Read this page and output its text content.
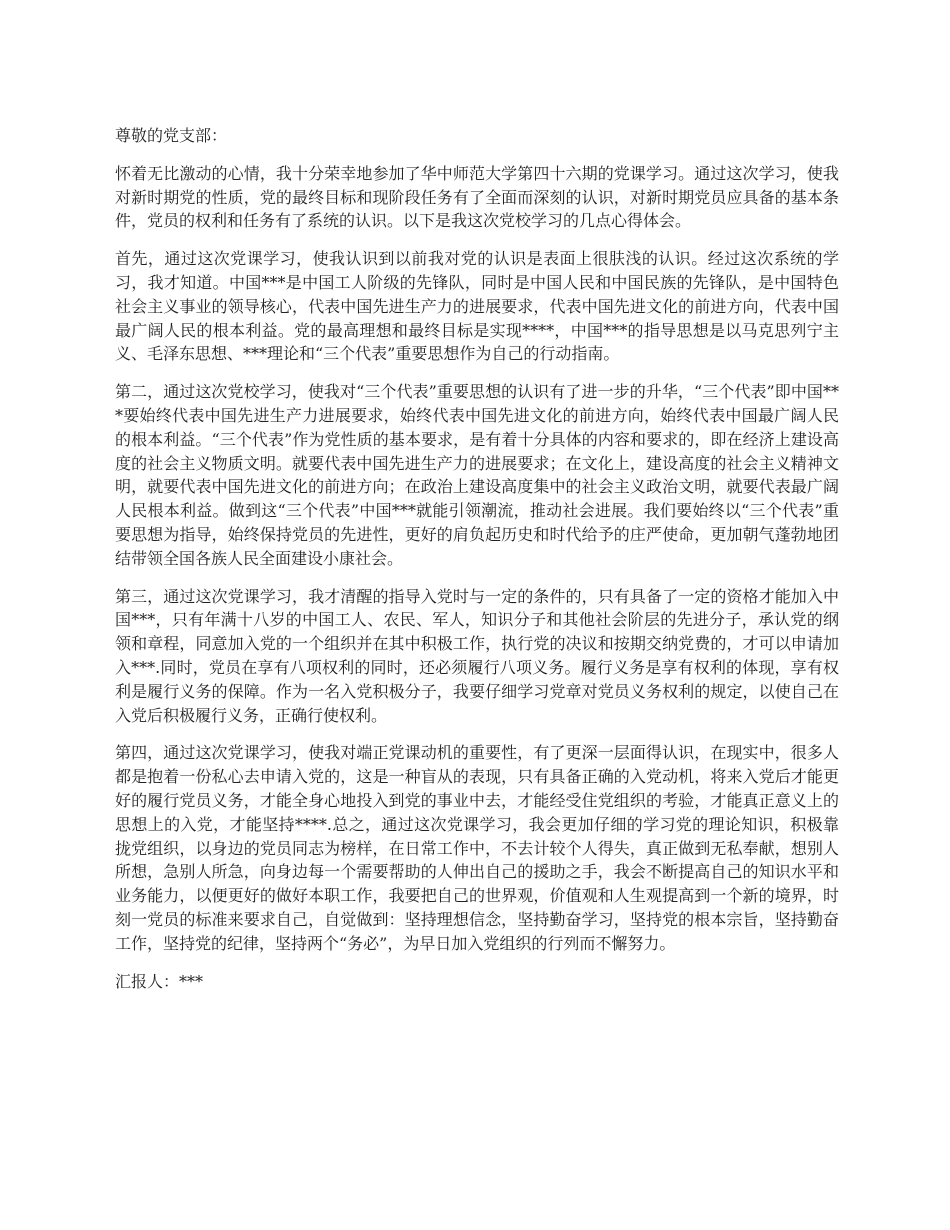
尊敬的党支部：

怀着无比激动的心情，我十分荣幸地参加了华中师范大学第四十六期的党课学习。通过这次学习，使我对新时期党的性质，党的最终目标和现阶段任务有了全面而深刻的认识，对新时期党员应具备的基本条件，党员的权利和任务有了系统的认识。以下是我这次党校学习的几点心得体会。

首先，通过这次党课学习，使我认识到以前我对党的认识是表面上很肤浅的认识。经过这次系统的学习，我才知道。中国***是中国工人阶级的先锋队，同时是中国人民和中国民族的先锋队，是中国特色社会主义事业的领导核心，代表中国先进生产力的进展要求，代表中国先进文化的前进方向，代表中国最广阔人民的根本利益。党的最高理想和最终目标是实现****，中国***的指导思想是以马克思列宁主义、毛泽东思想、***理论和“三个代表”重要思想作为自己的行动指南。

第二，通过这次党校学习，使我对“三个代表”重要思想的认识有了进一步的升华，“三个代表”即中国***要始终代表中国先进生产力进展要求，始终代表中国先进文化的前进方向，始终代表中国最广阔人民的根本利益。“三个代表”作为党性质的基本要求，是有着十分具体的内容和要求的，即在经济上建设高度的社会主义物质文明。就要代表中国先进生产力的进展要求；在文化上，建设高度的社会主义精神文明，就要代表中国先进文化的前进方向；在政治上建设高度集中的社会主义政治文明，就要代表最广阔人民根本利益。做到这“三个代表”中国***就能引领潮流，推动社会进展。我们要始终以“三个代表”重要思想为指导，始终保持党员的先进性，更好的肩负起历史和时代给予的庄严使命，更加朝气蓬勃地团结带领全国各族人民全面建设小康社会。

第三，通过这次党课学习，我才清醒的指导入党时与一定的条件的，只有具备了一定的资格才能加入中国***，只有年满十八岁的中国工人、农民、军人，知识分子和其他社会阶层的先进分子，承认党的纲领和章程，同意加入党的一个组织并在其中积极工作，执行党的决议和按期交纳党费的，才可以申请加入***.同时，党员在享有八项权利的同时，还必须履行八项义务。履行义务是享有权利的体现，享有权利是履行义务的保障。作为一名入党积极分子，我要仔细学习党章对党员义务权利的规定，以使自己在入党后积极履行义务，正确行使权利。

第四，通过这次党课学习，使我对端正党课动机的重要性，有了更深一层面得认识，在现实中，很多人都是抱着一份私心去申请入党的，这是一种盲从的表现，只有具备正确的入党动机，将来入党后才能更好的履行党员义务，才能全身心地投入到党的事业中去，才能经受住党组织的考验，才能真正意义上的思想上的入党，才能坚持****.总之，通过这次党课学习，我会更加仔细的学习党的理论知识，积极靠拢党组织，以身边的党员同志为榜样，在日常工作中，不去计较个人得失，真正做到无私奉献，想别人所想，急别人所急，向身边每一个需要帮助的人伸出自己的援助之手，我会不断提高自己的知识水平和业务能力，以便更好的做好本职工作，我要把自己的世界观，价值观和人生观提高到一个新的境界，时刻一党员的标准来要求自己，自觉做到：坚持理想信念，坚持勤奋学习，坚持党的根本宗旨，坚持勤奋工作，坚持党的纪律，坚持两个“务必”，为早日加入党组织的行列而不懈努力。

汇报人：***
